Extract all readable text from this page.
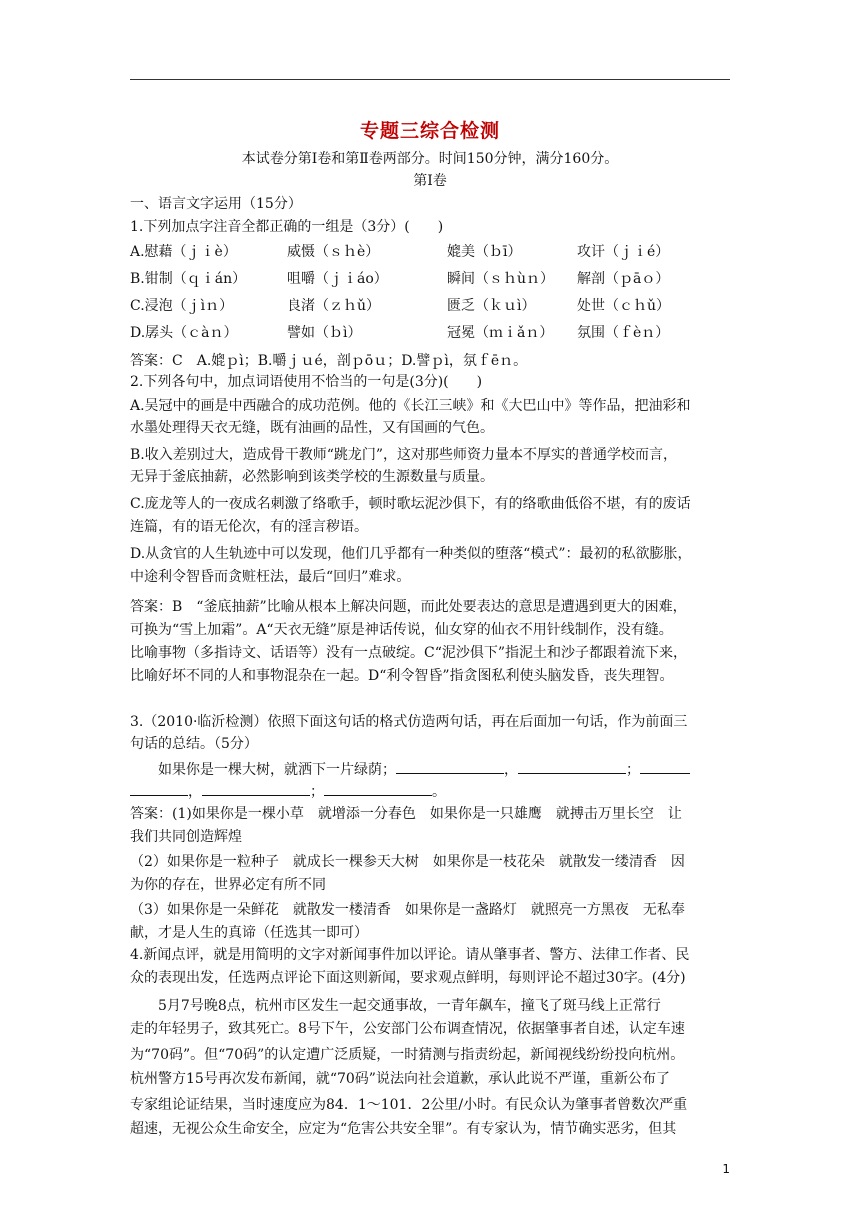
专题三综合检测
本试卷分第Ⅰ卷和第Ⅱ卷两部分。时间150分钟，满分160分。
第Ⅰ卷
一、语言文字运用（15分）
1.下列加点字注音全都正确的一组是（3分）(　　)
A.慰藉（ｊｉè）	威慑（ｓｈè）	媲美（ｂī）	攻讦（ｊｉé）
B.钳制（ｑｉán）	咀嚼（ｊｉáo）	瞬间（ｓｈùｎ） 解剖（ｐāｏ）
C.浸泡（ｊìｎ）	良渚（ｚｈǔ）	匮乏（ｋｕì）	处世（ｃｈǔ）
D.孱头（ｃàｎ）	譬如（ｂì）	冠冕（ｍｉǎｎ） 氛围（ｆèｎ）
答案：C　A.媲ｐì；B.嚼ｊｕé，剖ｐōｕ；D.譬ｐì，氛ｆēｎ。
2.下列各句中，加点词语使用不恰当的一句是(3分)(　　)
A.吴冠中的画是中西融合的成功范例。他的《长江三峡》和《大巴山中》等作品，把油彩和
水墨处理得天衣无缝，既有油画的品性，又有国画的气色。
B.收入差别过大，造成骨干教师“跳龙门”，这对那些师资力量本不厚实的普通学校而言，
无异于釜底抽薪，必然影响到该类学校的生源数量与质量。
C.庞龙等人的一夜成名刺激了络歌手，顿时歌坛泥沙俱下，有的络歌曲低俗不堪，有的废话
连篇，有的语无伦次，有的淫言秽语。
D.从贪官的人生轨迹中可以发现，他们几乎都有一种类似的堕落“模式”：最初的私欲膨胀，
中途利令智昏而贪赃枉法，最后“回归”难求。
答案：B　“釜底抽薪”比喻从根本上解决问题，而此处要表达的意思是遭遇到更大的困难，
可换为“雪上加霜”。A“天衣无缝”原是神话传说，仙女穿的仙衣不用针线制作，没有缝。
比喻事物（多指诗文、话语等）没有一点破绽。C“泥沙俱下”指泥土和沙子都跟着流下来，
比喻好坏不同的人和事物混杂在一起。D“利令智昏”指贪图私利使头脑发昏，丧失理智。
3.（2010·临沂检测）依照下面这句话的格式仿造两句话，再在后面加一句话，作为前面三
句话的总结。（5分）
如果你是一棵大树，就洒下一片绿荫；	，	；
，	；	。
答案：(1)如果你是一棵小草　就增添一分春色　如果你是一只雄鹰　就搏击万里长空　让
我们共同创造辉煌
（2）如果你是一粒种子　就成长一棵参天大树　如果你是一枝花朵　就散发一缕清香　因
为你的存在，世界必定有所不同
（3）如果你是一朵鲜花　就散发一楼清香　如果你是一盏路灯　就照亮一方黑夜　无私奉
献，才是人生的真谛（任选其一即可）
4.新闻点评，就是用简明的文字对新闻事件加以评论。请从肇事者、警方、法律工作者、民
众的表现出发，任选两点评论下面这则新闻，要求观点鲜明，每则评论不超过30字。(4分)
　　5月7号晚8点，杭州市区发生一起交通事故，一青年飙车，撞飞了斑马线上正常行
走的年轻男子，致其死亡。8号下午，公安部门公布调查情况，依据肇事者自述，认定车速
为“70码”。但“70码”的认定遭广泛质疑，一时猜测与指责纷起，新闻视线纷纷投向杭州。
杭州警方15号再次发布新闻，就“70码”说法向社会道歉，承认此说不严谨，重新公布了
专家组论证结果，当时速度应为84．1～101．2公里/小时。有民众认为肇事者曾数次严重
超速，无视公众生命安全，应定为“危害公共安全罪”。有专家认为，情节确实恶劣，但其
1
